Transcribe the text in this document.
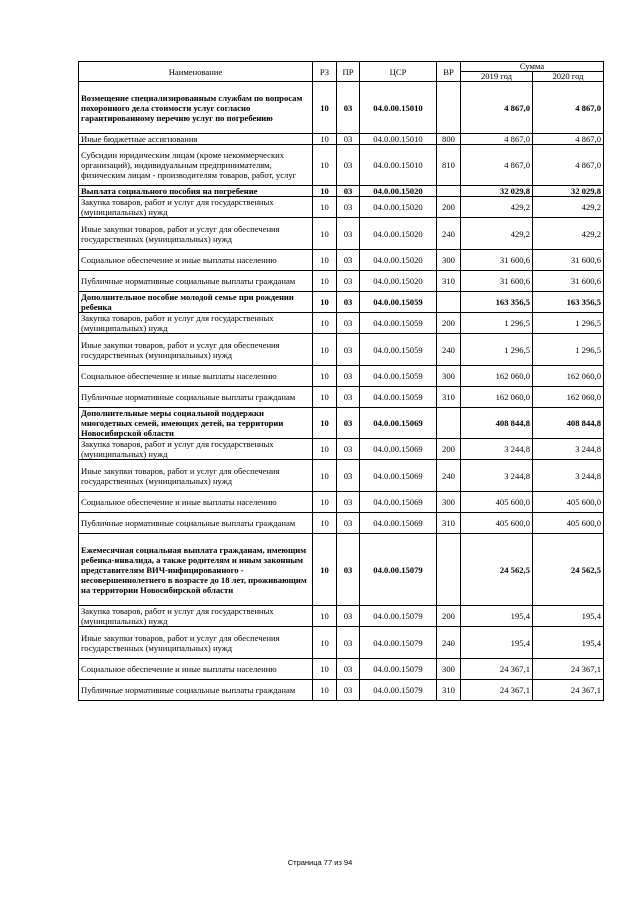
Наименование	РЗ	ПР	ЦСР	ВР	Сумма	
					2019 год	2020 год
Возмещение специализированным службам по вопросам похоронного дела стоимости услуг согласно гарантированному перечню услуг по погребению	10	03	04.0.00.15010		4 867,0	4 867,0
Иные бюджетные ассигнования	10	03	04.0.00.15010	800	4 867,0	4 867,0
Субсидии юридическим лицам (кроме некоммерческих организаций), индивидуальным предпринимателям, физическим лицам - производителям товаров, работ, услуг	10	03	04.0.00.15010	810	4 867,0	4 867,0
Выплата социального пособия на погребение	10	03	04.0.00.15020		32 029,8	32 029,8
Закупка товаров, работ и услуг для государственных (муниципальных) нужд	10	03	04.0.00.15020	200	429,2	429,2
Иные закупки товаров, работ и услуг для обеспечения государственных (муниципальных) нужд	10	03	04.0.00.15020	240	429,2	429,2
Социальное обеспечение и иные выплаты населению	10	03	04.0.00.15020	300	31 600,6	31 600,6
Публичные нормативные социальные выплаты гражданам	10	03	04.0.00.15020	310	31 600,6	31 600,6
Дополнительное пособие молодой семье при рождении ребенка	10	03	04.0.00.15059		163 356,5	163 356,5
Закупка товаров, работ и услуг для государственных (муниципальных) нужд	10	03	04.0.00.15059	200	1 296,5	1 296,5
Иные закупки товаров, работ и услуг для обеспечения государственных (муниципальных) нужд	10	03	04.0.00.15059	240	1 296,5	1 296,5
Социальное обеспечение и иные выплаты населению	10	03	04.0.00.15059	300	162 060,0	162 060,0
Публичные нормативные социальные выплаты гражданам	10	03	04.0.00.15059	310	162 060,0	162 060,0
Дополнительные меры социальной поддержки многодетных семей, имеющих детей, на территории Новосибирской области	10	03	04.0.00.15069		408 844,8	408 844,8
Закупка товаров, работ и услуг для государственных (муниципальных) нужд	10	03	04.0.00.15069	200	3 244,8	3 244,8
Иные закупки товаров, работ и услуг для обеспечения государственных (муниципальных) нужд	10	03	04.0.00.15069	240	3 244,8	3 244,8
Социальное обеспечение и иные выплаты населению	10	03	04.0.00.15069	300	405 600,0	405 600,0
Публичные нормативные социальные выплаты гражданам	10	03	04.0.00.15069	310	405 600,0	405 600,0
Ежемесячная социальная выплата гражданам, имеющим ребенка-инвалида, а также родителям и иным законным представителям ВИЧ-инфицированного - несовершеннолетнего в возрасте до 18 лет, проживающим на территории Новосибирской области	10	03	04.0.00.15079		24 562,5	24 562,5
Закупка товаров, работ и услуг для государственных (муниципальных) нужд	10	03	04.0.00.15079	200	195,4	195,4
Иные закупки товаров, работ и услуг для обеспечения государственных (муниципальных) нужд	10	03	04.0.00.15079	240	195,4	195,4
Социальное обеспечение и иные выплаты населению	10	03	04.0.00.15079	300	24 367,1	24 367,1
Публичные нормативные социальные выплаты гражданам	10	03	04.0.00.15079	310	24 367,1	24 367,1
Страница 77 из 94
